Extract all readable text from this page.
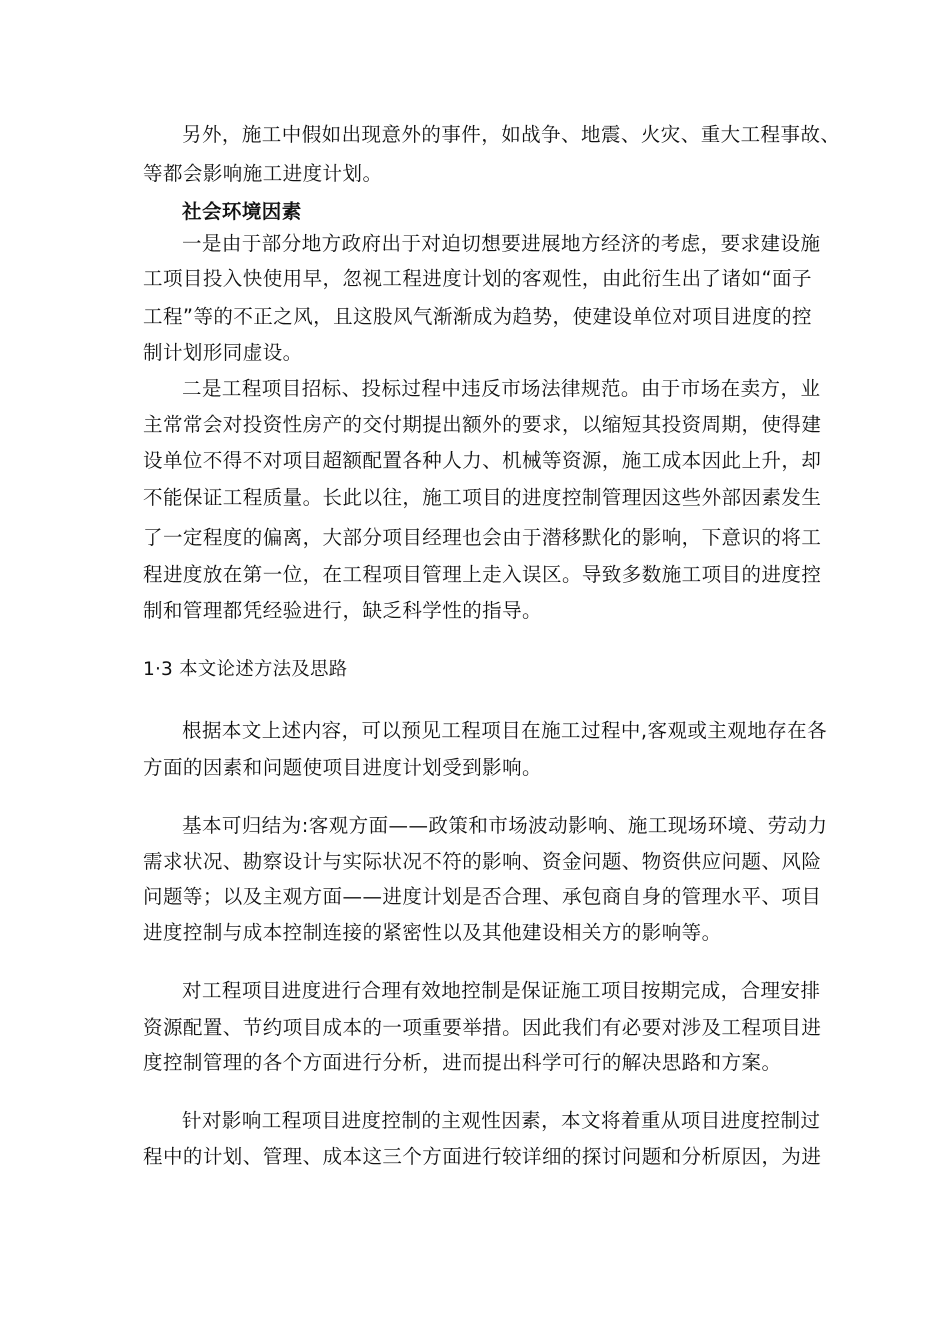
另外，施工中假如出现意外的事件，如战争、地震、火灾、重大工程事故、
等都会影响施工进度计划。
社会环境因素
一是由于部分地方政府出于对迫切想要进展地方经济的考虑，要求建设施
工项目投入快使用早，忽视工程进度计划的客观性，由此衍生出了诸如“面子
工程”等的不正之风，且这股风气渐渐成为趋势，使建设单位对项目进度的控
制计划形同虚设。
二是工程项目招标、投标过程中违反市场法律规范。由于市场在卖方，业
主常常会对投资性房产的交付期提出额外的要求，以缩短其投资周期，使得建
设单位不得不对项目超额配置各种人力、机械等资源，施工成本因此上升，却
不能保证工程质量。长此以往，施工项目的进度控制管理因这些外部因素发生
了一定程度的偏离，大部分项目经理也会由于潜移默化的影响，下意识的将工
程进度放在第一位，在工程项目管理上走入误区。导致多数施工项目的进度控
制和管理都凭经验进行，缺乏科学性的指导。
1·3 本文论述方法及思路
根据本文上述内容，可以预见工程项目在施工过程中,客观或主观地存在各
方面的因素和问题使项目进度计划受到影响。
基本可归结为:客观方面——政策和市场波动影响、施工现场环境、劳动力
需求状况、勘察设计与实际状况不符的影响、资金问题、物资供应问题、风险
问题等；以及主观方面——进度计划是否合理、承包商自身的管理水平、项目
进度控制与成本控制连接的紧密性以及其他建设相关方的影响等。
对工程项目进度进行合理有效地控制是保证施工项目按期完成，合理安排
资源配置、节约项目成本的一项重要举措。因此我们有必要对涉及工程项目进
度控制管理的各个方面进行分析，进而提出科学可行的解决思路和方案。
针对影响工程项目进度控制的主观性因素，本文将着重从项目进度控制过
程中的计划、管理、成本这三个方面进行较详细的探讨问题和分析原因，为进
